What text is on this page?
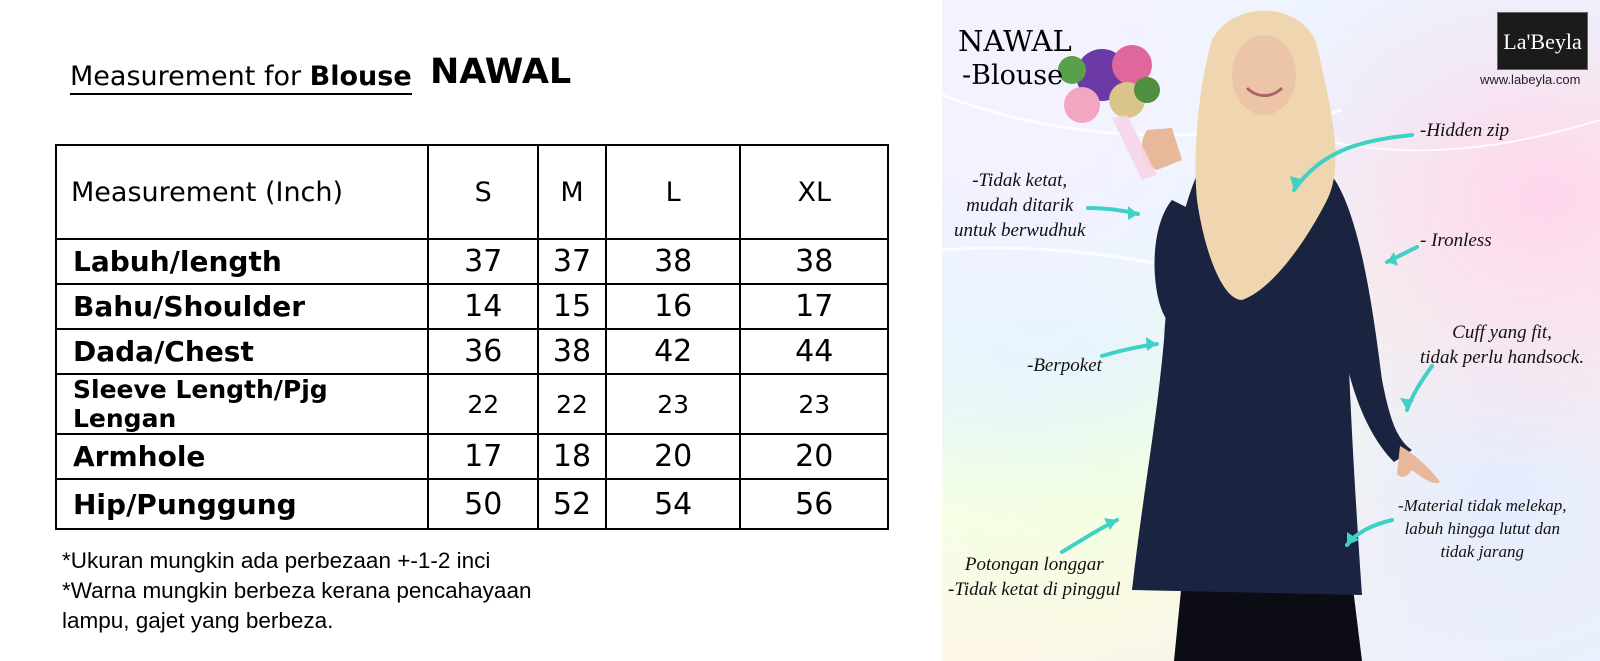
Measurement for Blouse NAWAL
Measurement (Inch)	S	M	L	XL
Labuh/length	37	37	38	38
Bahu/Shoulder	14	15	16	17
Dada/Chest	36	38	42	44
Sleeve Length/Pjg Lengan	22	22	23	23
Armhole	17	18	20	20
Hip/Punggung	50	52	54	56
*Ukuran mungkin ada perbezaan +-1-2 inci
*Warna mungkin berbeza kerana pencahayaan
lampu, gajet yang berbeza.
NAWAL
-Blouse
La'Beyla
www.labeyla.com
-Hidden zip
-Tidak ketat,
mudah ditarik
untuk berwudhuk	- Ironless
-Berpoket
Cuff yang fit,
tidak perlu handsock.
-Material tidak melekap,
labuh hingga lutut dan
tidak jarang
Potongan longgar
-Tidak ketat di pinggul
